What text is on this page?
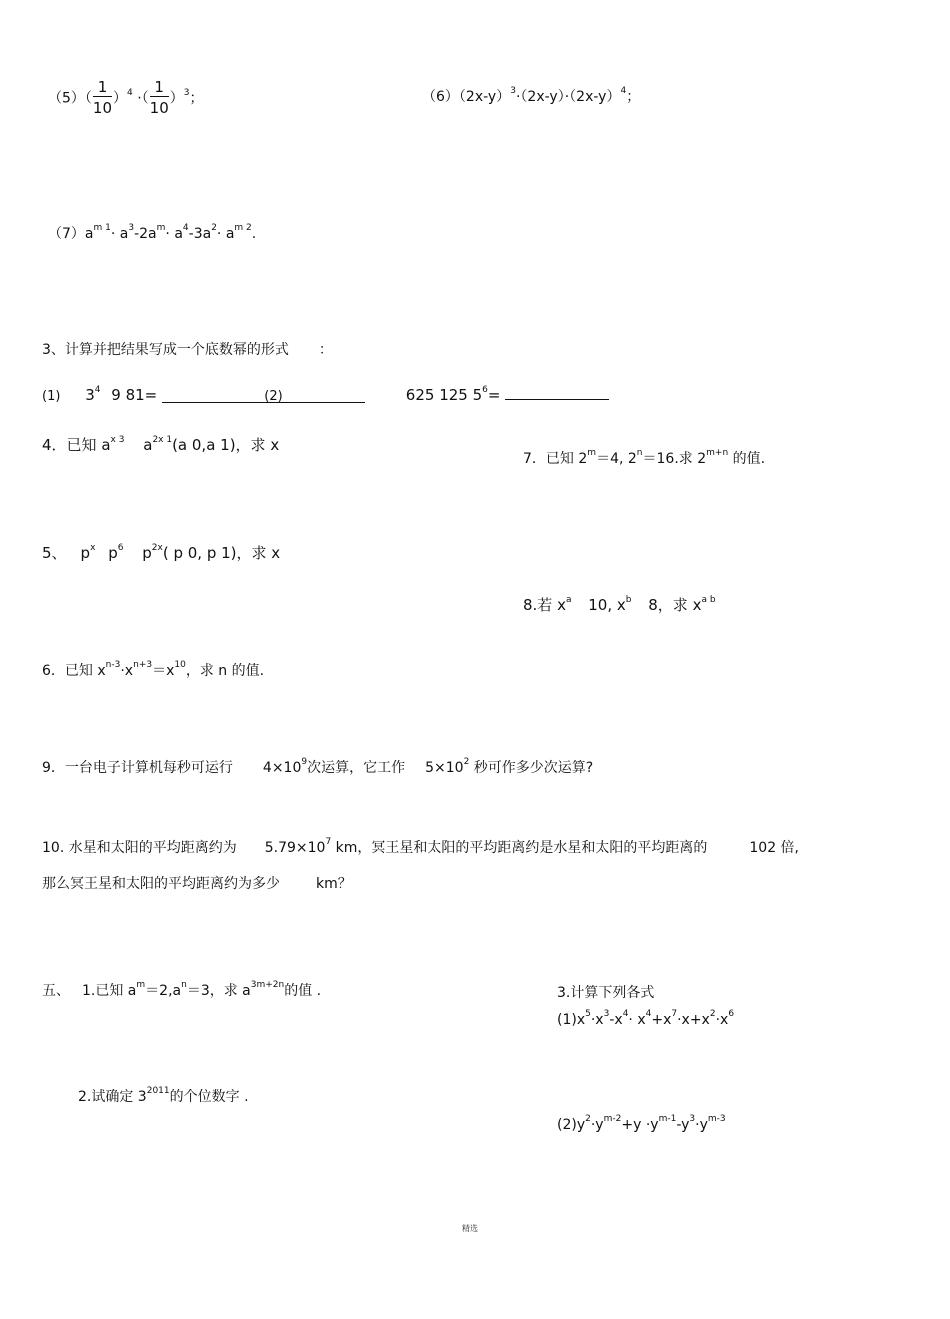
$(5)( \frac{1}{10} )^4$ ·（ $\frac{1}{10} )^3$；	$(6)(2x-y)^3\cdot(2x-y)\cdot(2x-y)^4$；
$(7)a^{m 1}\cdot a^3-2a^m\cdot a^4-3a^2\cdot a^{m 2}$.
3、计算并把结果写成一个底数幂的形式 ：
(1) $3^4$ 9 81=	(2)	625 125 $5^6=$
4．已知 $a^{x 3}$ $a^{2x 1}(a$ 0,a 1)，求 x
7．已知 $2^m=4$, $2^n=16$.求 $2^{m+n}$ 的值.
5、 $p^x$ $p^6$ $p^{2x}$( p 0, p 1)，求 x
8.若 $x^a$ 10, $x^b$ 8，求 $x^{a b}$
6．已知 $x^{n-3}\cdot x^{n+3}=x^{10}$，求 n 的值.
9．一台电子计算机每秒可运行 $4\times 10^9$次运算，它工作 $5\times 10^2$ 秒可作多少次运算?
10. 水星和太阳的平均距离约为 $5.79\times 10^7$ km，冥王星和太阳的平均距离约是水星和太阳的平均距离的	102 倍,
那么冥王星和太阳的平均距离约为多少	km？
五、 1.已知 $a^m=2,a^n=3$，求 $a^{3m+2n}$的值 .	3.计算下列各式
$(1)x^5\cdot x^3-x^4\cdot x^4+x^7\cdot x+x^2\cdot x^6$
2.试确定 $3^{2011}$的个位数字 .
$(2)y^2\cdot y^{m-2}+y \cdot y^{m-1}-y^3\cdot y^{m-3}$
精选
